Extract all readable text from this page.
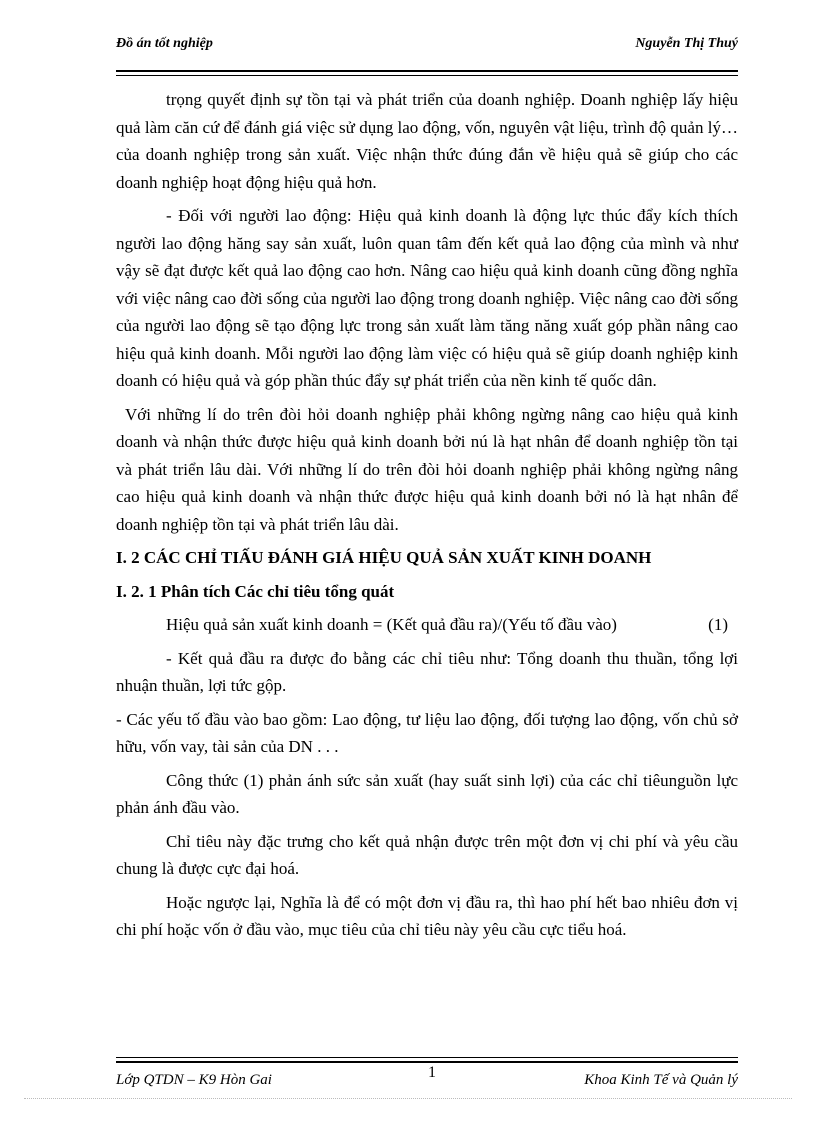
Đồ án tốt nghiệp	Nguyễn Thị Thuý

trọng quyết định sự tồn tại và phát triển của doanh nghiệp. Doanh nghiệp lấy hiệu quả làm căn cứ để đánh giá việc sử dụng lao động, vốn, nguyên vật liệu, trình độ quản lý…của doanh nghiệp trong sản xuất. Việc nhận thức đúng đắn về hiệu quả sẽ giúp cho các doanh nghiệp hoạt động hiệu quả hơn.

- Đối với người lao động: Hiệu quả kinh doanh là động lực thúc đẩy kích thích người lao động hăng say sản xuất, luôn quan tâm đến kết quả lao động của mình và như vậy sẽ đạt được kết quả lao động cao hơn. Nâng cao hiệu quả kinh doanh cũng đồng nghĩa với việc nâng cao đời sống của người lao động trong doanh nghiệp. Việc nâng cao đời sống của người lao động sẽ tạo động lực trong sản xuất làm tăng năng xuất góp phần nâng cao hiệu quả kinh doanh. Mỗi người lao động làm việc có hiệu quả sẽ giúp doanh nghiệp kinh doanh có hiệu quả và góp phần thúc đẩy sự phát triển của nền kinh tế quốc dân.

Với những lí do trên đòi hỏi doanh nghiệp phải không ngừng nâng cao hiệu quả kinh doanh và nhận thức được hiệu quả kinh doanh bởi nú là hạt nhân để doanh nghiệp tồn tại và phát triển lâu dài. Với những lí do trên đòi hỏi doanh nghiệp phải không ngừng nâng cao hiệu quả kinh doanh và nhận thức được hiệu quả kinh doanh bởi nó là hạt nhân để doanh nghiệp tồn tại và phát triển lâu dài.

I. 2 CÁC CHỈ TIẤU ĐÁNH GIÁ HIỆU QUẢ SẢN XUẤT KINH DOANH
I. 2. 1 Phân tích Các chỉ tiêu tổng quát
Hiệu quả sản xuất kinh doanh = (Kết quả đầu ra)/(Yếu tố đầu vào)	(1)

- Kết quả đầu ra được đo bằng các chỉ tiêu như: Tổng doanh thu thuần, tổng lợi nhuận thuần, lợi tức gộp.

- Các yếu tố đầu vào bao gồm: Lao động, tư liệu lao động, đối tượng lao động, vốn chủ sở hữu, vốn vay, tài sản của DN . . .

Công thức (1) phản ánh sức sản xuất (hay suất sinh lợi) của các chỉ tiêunguồn lực phản ánh đầu vào.

Chỉ tiêu này đặc trưng cho kết quả nhận được trên một đơn vị chi phí và yêu cầu chung là được cực đại hoá.

Hoặc ngược lại, Nghĩa là để có một đơn vị đầu ra, thì hao phí hết bao nhiêu đơn vị chi phí hoặc vốn ở đầu vào, mục tiêu của chỉ tiêu này yêu cầu cực tiểu hoá.

Lớp QTDN – K9 Hòn Gai	1	Khoa Kinh Tế và Quản lý
